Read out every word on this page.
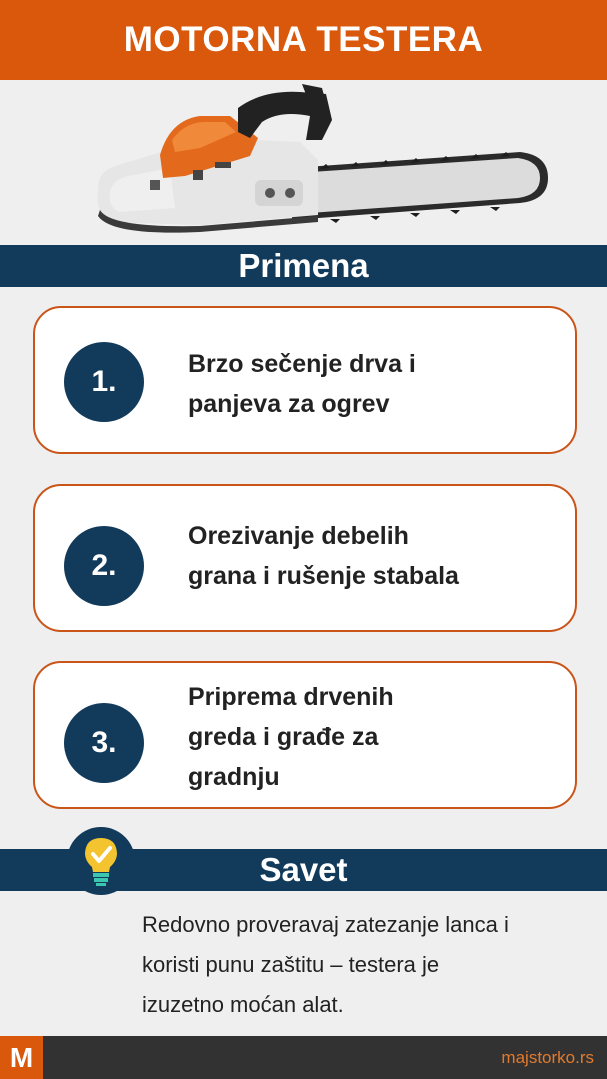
MOTORNA TESTERA
Primena
1.
Brzo sečenje drva i
panjeva za ogrev
2.
Orezivanje debelih
grana i rušenje stabala
3.
Priprema drvenih
greda i građe za
gradnju
Savet
Redovno proveravaj zatezanje lanca i
koristi punu zaštitu – testera je
izuzetno moćan alat.
M	majstorko.rs
